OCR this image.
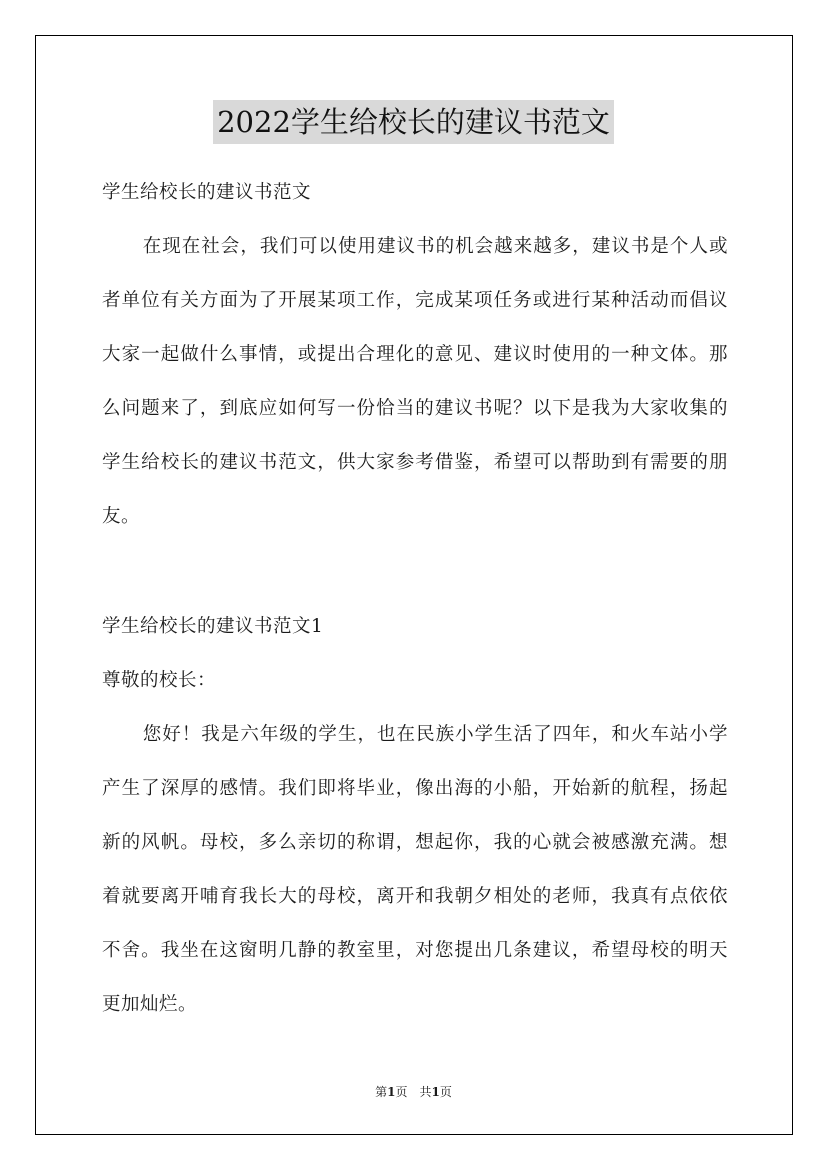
2022学生给校长的建议书范文

学生给校长的建议书范文

在现在社会，我们可以使用建议书的机会越来越多，建议书是个人或者单位有关方面为了开展某项工作，完成某项任务或进行某种活动而倡议大家一起做什么事情，或提出合理化的意见、建议时使用的一种文体。那么问题来了，到底应如何写一份恰当的建议书呢？以下是我为大家收集的学生给校长的建议书范文，供大家参考借鉴，希望可以帮助到有需要的朋友。

学生给校长的建议书范文1

尊敬的校长：

您好！我是六年级的学生，也在民族小学生活了四年，和火车站小学产生了深厚的感情。我们即将毕业，像出海的小船，开始新的航程，扬起新的风帆。母校，多么亲切的称谓，想起你，我的心就会被感激充满。想着就要离开哺育我长大的母校，离开和我朝夕相处的老师，我真有点依依不舍。我坐在这窗明几静的教室里，对您提出几条建议，希望母校的明天更加灿烂。

第1页　共1页
